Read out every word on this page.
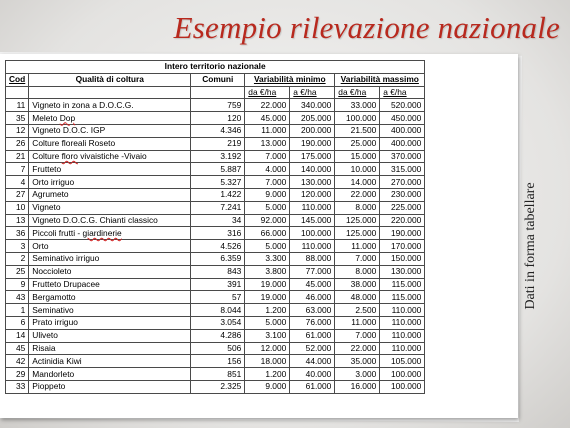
Esempio rilevazione nazionale
Intero territorio nazionale						
Cod	Qualità di coltura	Comuni	Variabilità minimo		Variabilità massimo	
			da €/ha	a €/ha	da €/ha	a €/ha
11	Vigneto in zona a D.O.C.G.	759	22.000	340.000	33.000	520.000
35	Meleto Dop	120	45.000	205.000	100.000	450.000
12	Vigneto D.O.C. IGP	4.346	11.000	200.000	21.500	400.000
26	Colture floreali Roseto	219	13.000	190.000	25.000	400.000
21	Colture floro vivaistiche -Vivaio	3.192	7.000	175.000	15.000	370.000
7	Frutteto	5.887	4.000	140.000	10.000	315.000
4	Orto irriguo	5.327	7.000	130.000	14.000	270.000
27	Agrumeto	1.422	9.000	120.000	22.000	230.000
10	Vigneto	7.241	5.000	110.000	8.000	225.000
13	Vigneto D.O.C.G. Chianti classico	34	92.000	145.000	125.000	220.000
36	Piccoli frutti - giardinerie	316	66.000	100.000	125.000	190.000
3	Orto	4.526	5.000	110.000	11.000	170.000
2	Seminativo irriguo	6.359	3.300	88.000	7.000	150.000
25	Noccioleto	843	3.800	77.000	8.000	130.000
9	Frutteto Drupacee	391	19.000	45.000	38.000	115.000
43	Bergamotto	57	19.000	46.000	48.000	115.000
1	Seminativo	8.044	1.200	63.000	2.500	110.000
6	Prato irriguo	3.054	5.000	76.000	11.000	110.000
14	Uliveto	4.286	3.100	61.000	7.000	110.000
45	Risaia	506	12.000	52.000	22.000	110.000
42	Actinidia Kiwi	156	18.000	44.000	35.000	105.000
29	Mandorleto	851	1.200	40.000	3.000	100.000
33	Pioppeto	2.325	9.000	61.000	16.000	100.000
Dati in forma tabellare
